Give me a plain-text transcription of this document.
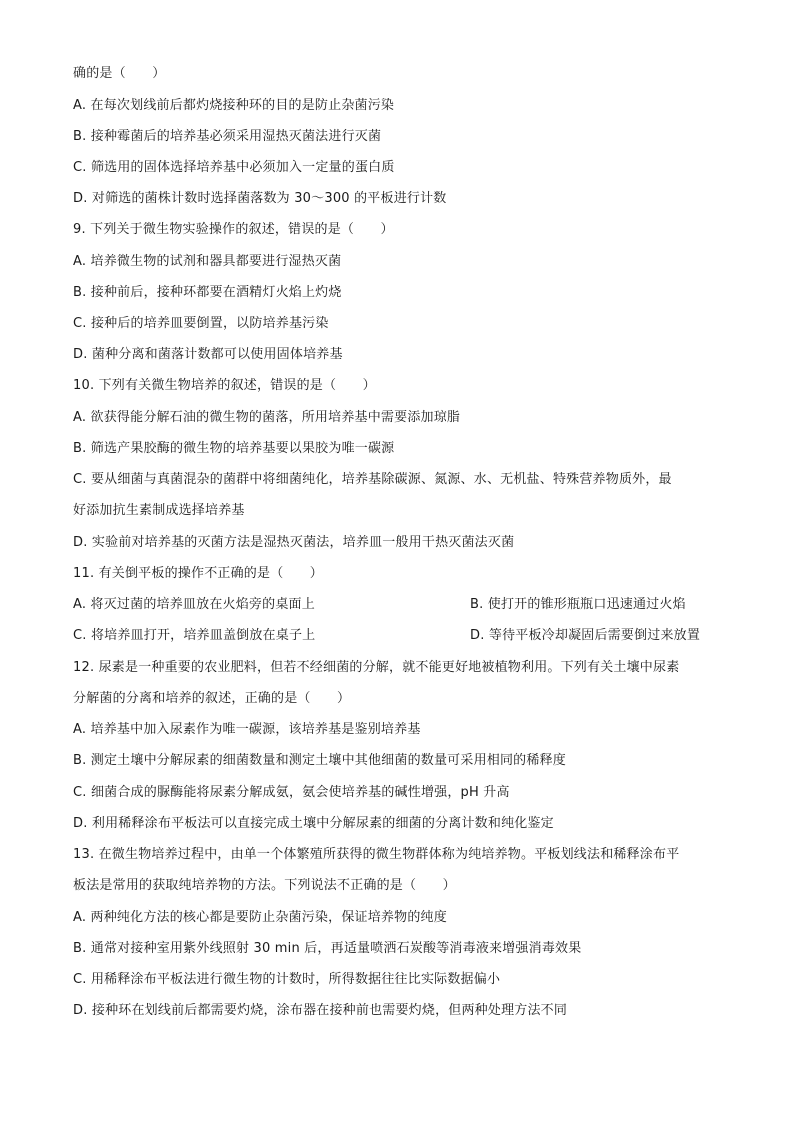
确的是（　　）
A. 在每次划线前后都灼烧接种环的目的是防止杂菌污染
B. 接种霉菌后的培养基必须采用湿热灭菌法进行灭菌
C. 筛选用的固体选择培养基中必须加入一定量的蛋白质
D. 对筛选的菌株计数时选择菌落数为 30～300 的平板进行计数
9. 下列关于微生物实验操作的叙述，错误的是（　　）
A. 培养微生物的试剂和器具都要进行湿热灭菌
B. 接种前后，接种环都要在酒精灯火焰上灼烧
C. 接种后的培养皿要倒置，以防培养基污染
D. 菌种分离和菌落计数都可以使用固体培养基
10. 下列有关微生物培养的叙述，错误的是（　　）
A. 欲获得能分解石油的微生物的菌落，所用培养基中需要添加琼脂
B. 筛选产果胶酶的微生物的培养基要以果胶为唯一碳源
C. 要从细菌与真菌混杂的菌群中将细菌纯化，培养基除碳源、氮源、水、无机盐、特殊营养物质外，最
好添加抗生素制成选择培养基
D. 实验前对培养基的灭菌方法是湿热灭菌法，培养皿一般用干热灭菌法灭菌
11. 有关倒平板的操作不正确的是（　　）
A. 将灭过菌的培养皿放在火焰旁的桌面上	B. 使打开的锥形瓶瓶口迅速通过火焰
C. 将培养皿打开，培养皿盖倒放在桌子上	D. 等待平板冷却凝固后需要倒过来放置
12. 尿素是一种重要的农业肥料，但若不经细菌的分解，就不能更好地被植物利用。下列有关土壤中尿素
分解菌的分离和培养的叙述，正确的是（　　）
A. 培养基中加入尿素作为唯一碳源，该培养基是鉴别培养基
B. 测定土壤中分解尿素的细菌数量和测定土壤中其他细菌的数量可采用相同的稀释度
C. 细菌合成的脲酶能将尿素分解成氨，氨会使培养基的碱性增强，pH 升高
D. 利用稀释涂布平板法可以直接完成土壤中分解尿素的细菌的分离计数和纯化鉴定
13. 在微生物培养过程中，由单一个体繁殖所获得的微生物群体称为纯培养物。平板划线法和稀释涂布平
板法是常用的获取纯培养物的方法。下列说法不正确的是（　　）
A. 两种纯化方法的核心都是要防止杂菌污染，保证培养物的纯度
B. 通常对接种室用紫外线照射 30 min 后，再适量喷洒石炭酸等消毒液来增强消毒效果
C. 用稀释涂布平板法进行微生物的计数时，所得数据往往比实际数据偏小
D. 接种环在划线前后都需要灼烧，涂布器在接种前也需要灼烧，但两种处理方法不同
